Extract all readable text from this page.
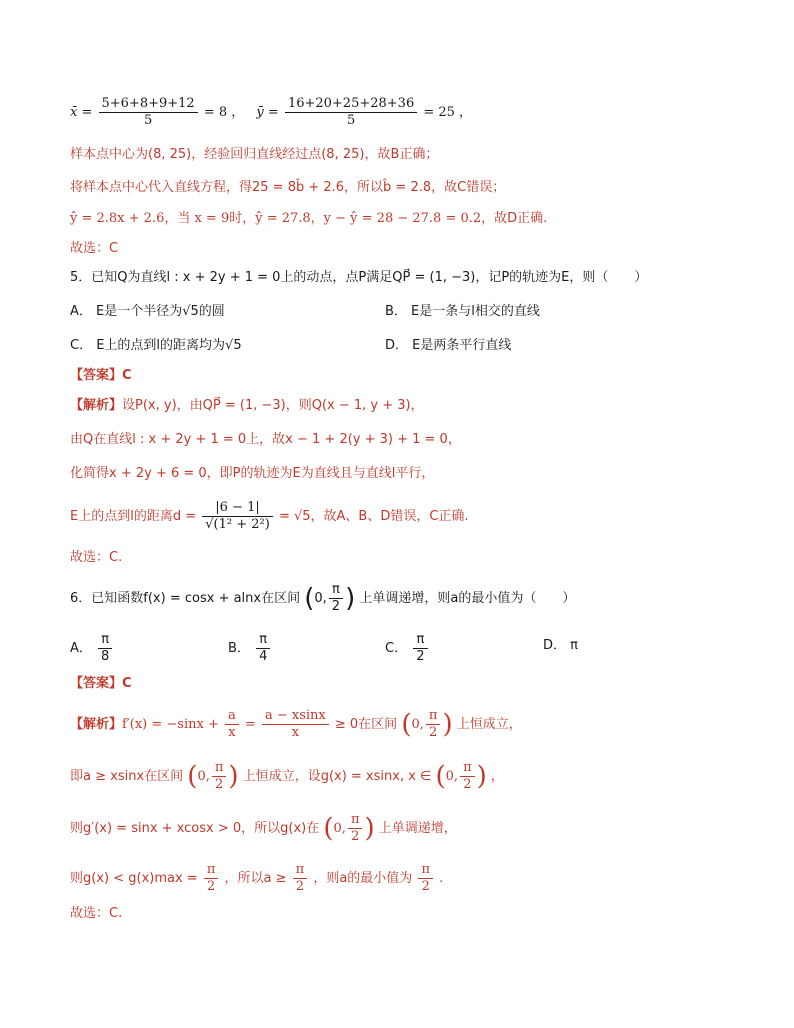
x̄ = $\frac{5+6+8+9+12}{5} = 8$ ， ȳ = $\frac{16+20+25+28+36}{5} = 25$ ，
样本点中心为(8, 25)，经验回归直线经过点(8, 25)，故B正确；
将样本点中心代入直线方程，得25 = 8b̂ + 2.6，所以b̂ = 2.8，故C错误；
ŷ = 2.8x + 2.6，当 x = 9时，ŷ = 27.8，y − ŷ = 28 − 27.8 = 0.2，故D正确.
故选：C
5．已知Q为直线l : x + 2y + 1 = 0上的动点，点P满足QP⃗ = (1, −3)，记P的轨迹为E，则（　　）
A． E是一个半径为√5的圆	B． E是一条与l相交的直线
C． E上的点到l的距离均为√5	D． E是两条平行直线
【答案】C
【解析】设P(x, y)，由QP⃗ = (1, −3)，则Q(x − 1, y + 3)，
由Q在直线l : x + 2y + 1 = 0上，故x − 1 + 2(y + 3) + 1 = 0，
化简得x + 2y + 6 = 0，即P的轨迹为E为直线且与直线l平行，
E上的点到l的距离$d = \frac{|6 - 1|}{\text{√(1² + 2²)}} = √5$，故A、B、D错误，C正确.
故选：C.
6．已知函数f(x) = cosx + alnx在区间 (0, $\frac{\pi}{2}$ ) 上单调递增，则a的最小值为（　　）
A． $\frac{\pi}{8}$	B． $\frac{\pi}{4}$	C． $\frac{\pi}{2}$	D． π
【答案】C
【解析】$f'(x) = -\sin x + \frac{a}{x} = \frac{a - xsinx}{x} \ge 0$在区间 (0, $\frac{\pi}{2}$ ) 上恒成立，
即a ≥ xsinx在区间 (0, $\frac{\pi}{2}$ ) 上恒成立，设g(x) = xsinx, x ∈ (0, $\frac{\pi}{2}$ ) ，
则g′(x) = sinx + xcosx > 0，所以g(x)在 (0, $\frac{\pi}{2}$ ) 上单调递增，
则$g(x) < g(x)\max = \frac{\pi}{2}$ ，所以$a \ge \frac{\pi}{2}$ ，则a的最小值为 $\frac{\pi}{2}$ .
故选：C.
